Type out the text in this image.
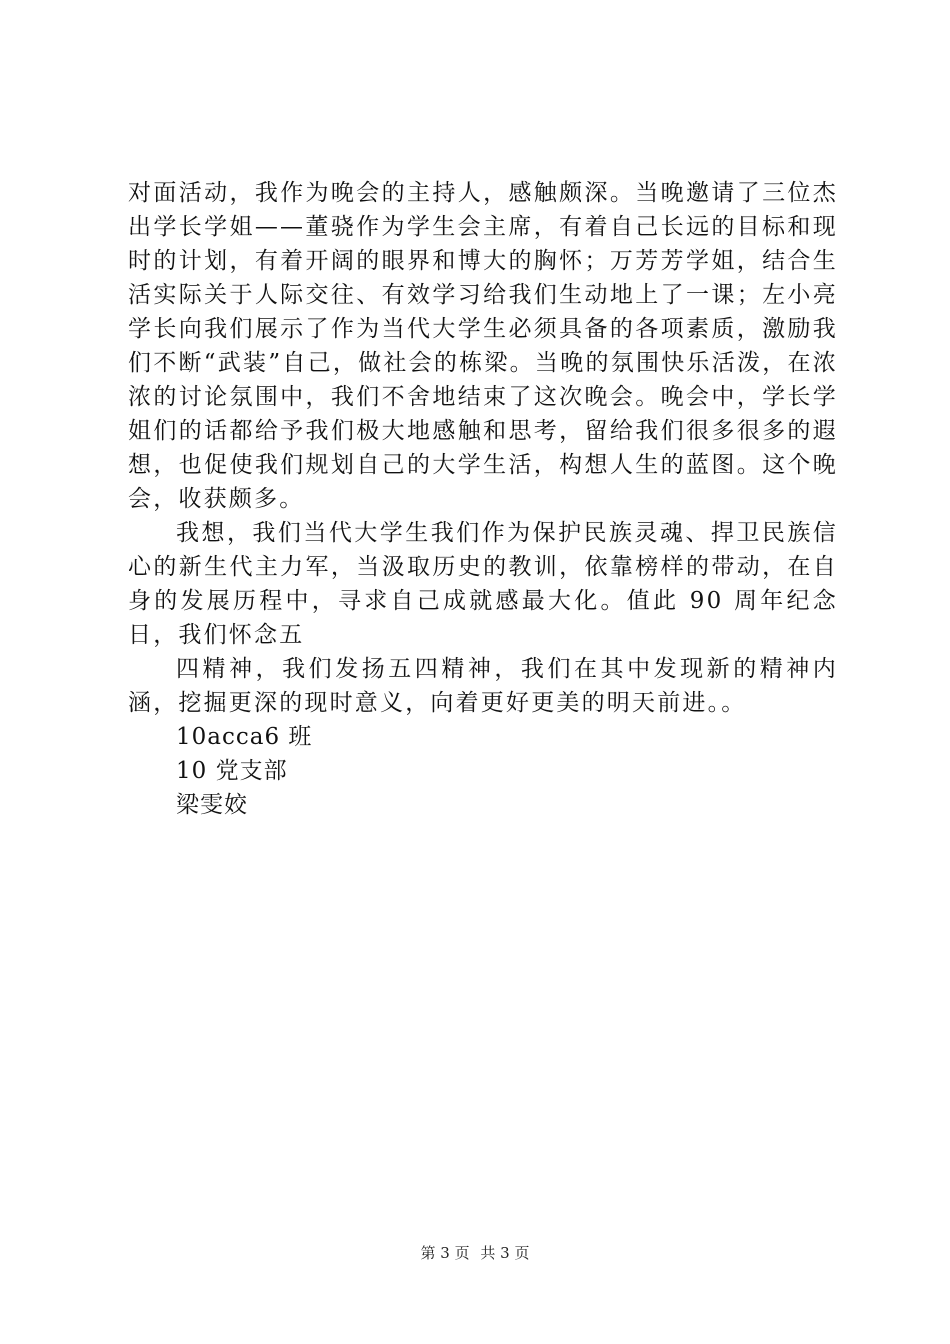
对面活动，我作为晚会的主持人，感触颇深。当晚邀请了三位杰出学长学姐——董骁作为学生会主席，有着自己长远的目标和现时的计划，有着开阔的眼界和博大的胸怀；万芳芳学姐，结合生活实际关于人际交往、有效学习给我们生动地上了一课；左小亮学长向我们展示了作为当代大学生必须具备的各项素质，激励我们不断“武装”自己，做社会的栋梁。当晚的氛围快乐活泼，在浓浓的讨论氛围中，我们不舍地结束了这次晚会。晚会中，学长学姐们的话都给予我们极大地感触和思考，留给我们很多很多的遐想，也促使我们规划自己的大学生活，构想人生的蓝图。这个晚会，收获颇多。

我想，我们当代大学生我们作为保护民族灵魂、捍卫民族信心的新生代主力军，当汲取历史的教训，依靠榜样的带动，在自身的发展历程中，寻求自己成就感最大化。值此 90 周年纪念日，我们怀念五

四精神，我们发扬五四精神，我们在其中发现新的精神内涵，挖掘更深的现时意义，向着更好更美的明天前进。。

10acca6 班

10 党支部

梁雯姣

第 3 页 共 3 页
